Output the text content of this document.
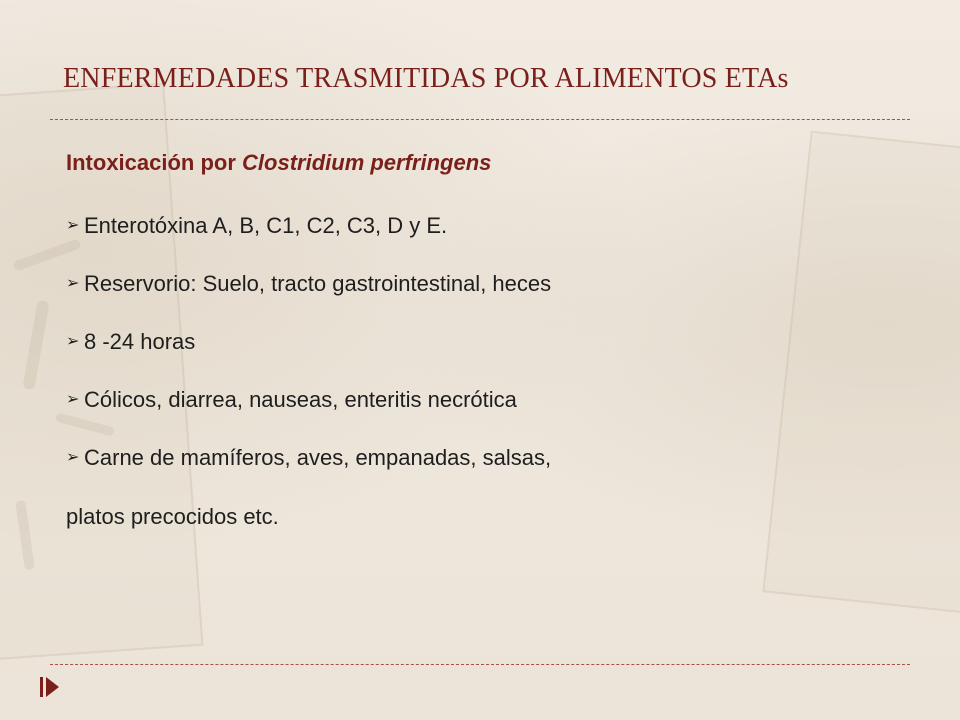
ENFERMEDADES TRASMITIDAS POR ALIMENTOS ETAs
Intoxicación por Clostridium perfringens
➢ Enterotóxina A, B, C1, C2, C3, D y E.
➢ Reservorio: Suelo, tracto gastrointestinal, heces
➢ 8 -24 horas
➢ Cólicos, diarrea, nauseas, enteritis necrótica
➢ Carne de mamíferos, aves, empanadas, salsas,
platos precocidos etc.
